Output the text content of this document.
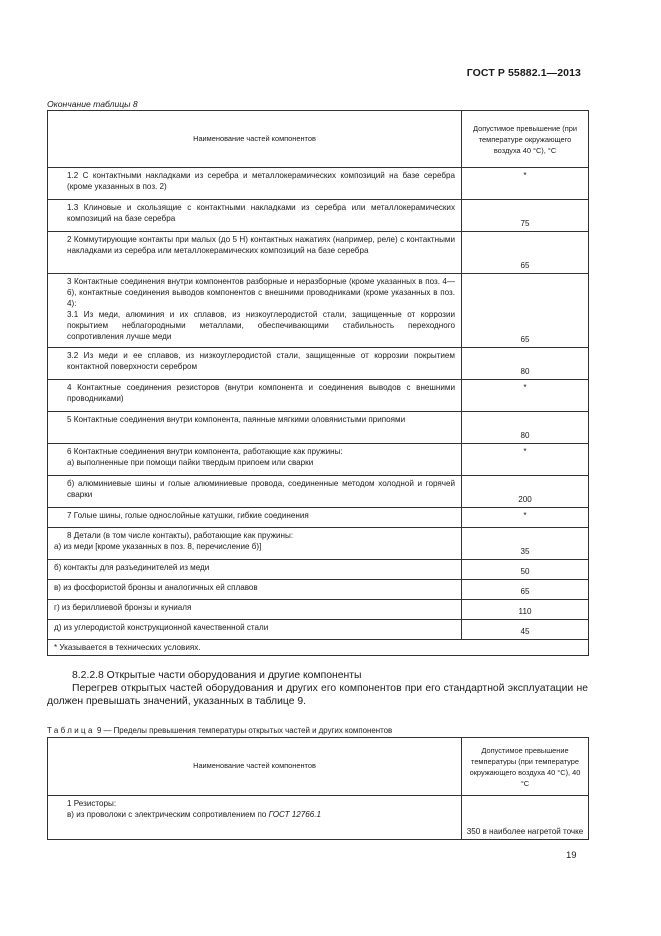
ГОСТ Р 55882.1—2013
Окончание таблицы 8
Наименование частей компонентов	Допустимое превышение (при температуре окружающего воздуха 40 °С), °С

1.2 С контактными накладками из серебра и металлокерамических композиций на базе серебра (кроме указанных в поз. 2)	*

1.3 Клиновые и скользящие с контактными накладками из серебра или металлокерамических композиций на базе серебра	75

2 Коммутирующие контакты при малых (до 5 Н) контактных нажатиях (например, реле) с контактными накладками из серебра или металлокерамических композиций на базе серебра	65

3 Контактные соединения внутри компонентов разборные и неразборные (кроме указанных в поз. 4—6), контактные соединения выводов компонентов с внешними проводниками (кроме указанных в поз. 4):
3.1 Из меди, алюминия и их сплавов, из низкоуглеродистой стали, защищенные от коррозии покрытием неблагородными металлами, обеспечивающими стабильность переходного сопротивления лучше меди	65

3.2 Из меди и ее сплавов, из низкоуглеродистой стали, защищенные от коррозии покрытием контактной поверхности серебром	80

4 Контактные соединения резисторов (внутри компонента и соединения выводов с внешними проводниками)	*

5 Контактные соединения внутри компонента, паянные мягкими оловянистыми припоями	80

6 Контактные соединения внутри компонента, работающие как пружины:
а) выполненные при помощи пайки твердым припоем или сварки	*

б) алюминиевые шины и голые алюминиевые провода, соединенные методом холодной и горячей сварки	200

7 Голые шины, голые однослойные катушки, гибкие соединения	*

8 Детали (в том числе контакты), работающие как пружины:
а) из меди [кроме указанных в поз. 8, перечисление б)]	35

б) контакты для разъединителей из меди	50

в) из фосфористой бронзы и аналогичных ей сплавов	65

г) из бериллиевой бронзы и куниаля	110

д) из углеродистой конструкционной качественной стали	45
* Указывается в технических условиях.	

8.2.2.8 Открытые части оборудования и другие компоненты

Перегрев открытых частей оборудования и других его компонентов при его стандартной эксплуатации не должен превышать значений, указанных в таблице 9.

Таблица 9 — Пределы превышения температуры открытых частей и других компонентов
Наименование частей компонентов	Допустимое превышение температуры (при температуре окружающего воздуха 40 °С), 40 °С

1 Резисторы:
в) из проволоки с электрическим сопротивлением по ГОСТ 12766.1	350 в наиболее нагретой точке
19
